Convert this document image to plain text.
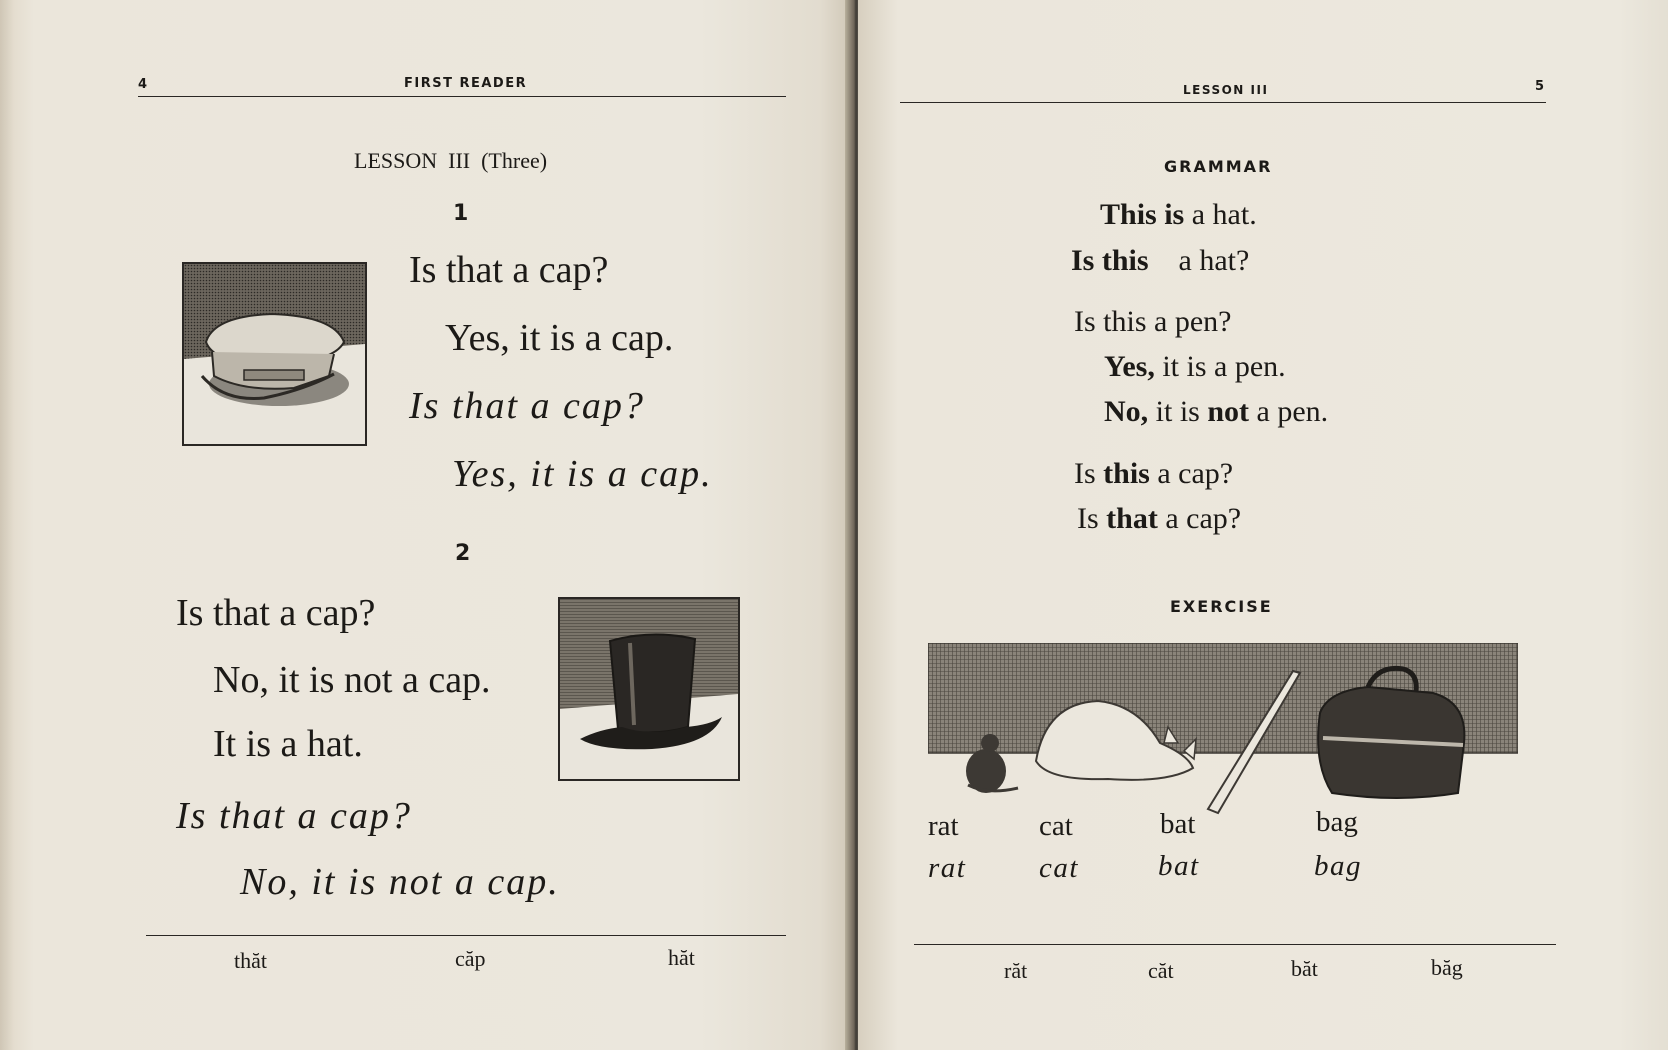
4	FIRST READER
LESSON  III  (Three)
1
Is that a cap?
Yes, it is a cap.
Is that a cap?
Yes, it is a cap.
2
Is that a cap?
No, it is not a cap.
It is a hat.
Is that a cap?
No, it is not a cap.
thăt	căp	hăt
LESSON III	5
GRAMMAR
This is a hat.
Is this a hat?
Is this a pen?
Yes, it is a pen.
No, it is not a pen.
Is this a cap?
Is that a cap?
EXERCISE
rat	cat	bat	bag
rat	cat	bat	bag
răt	căt	băt	băg
